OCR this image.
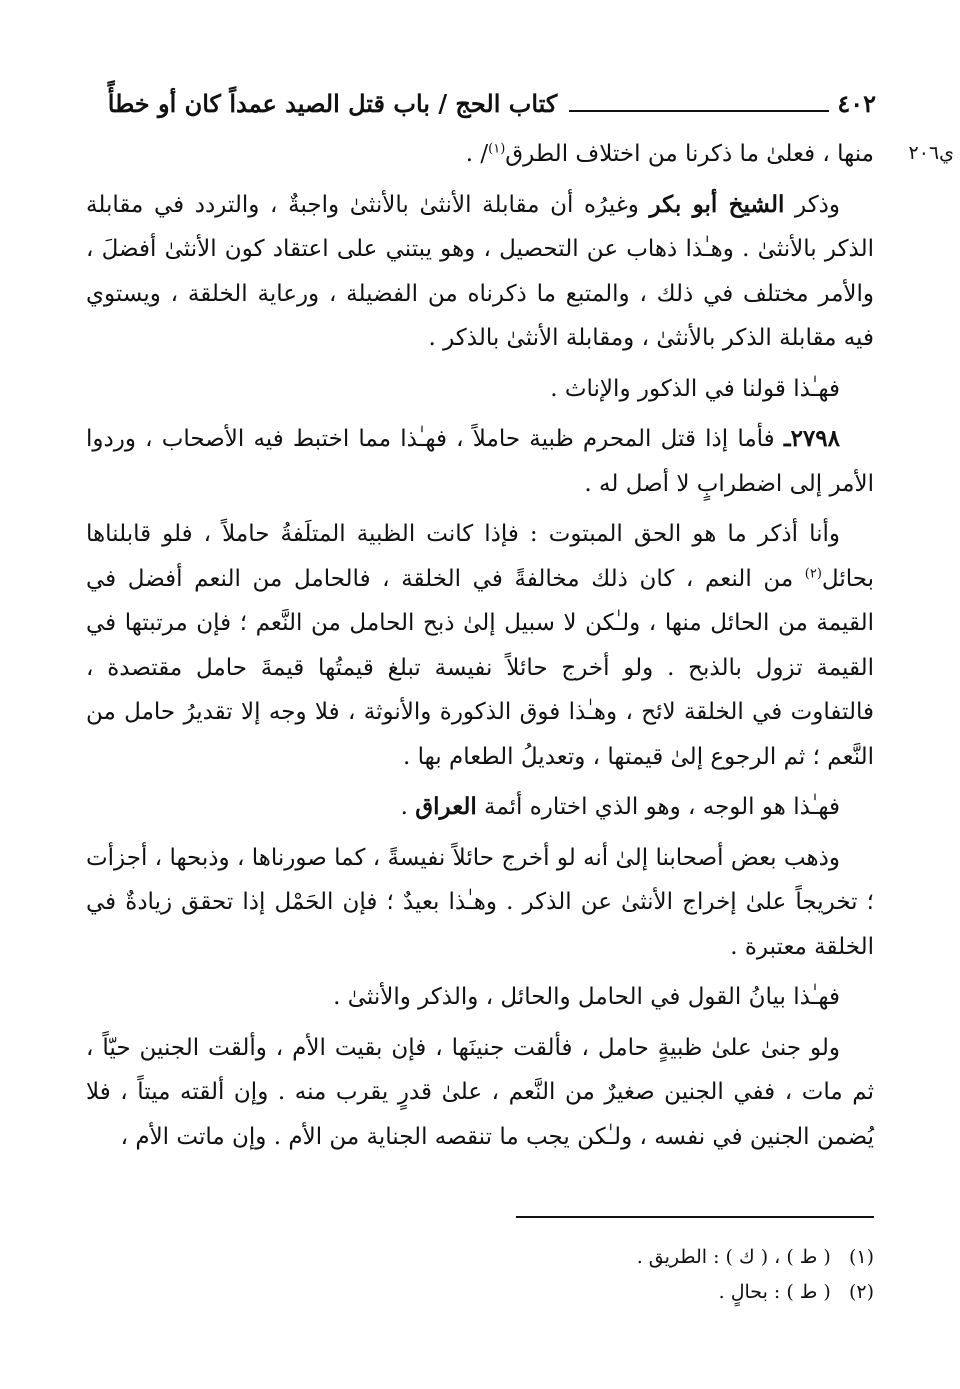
٤٠٢
كتاب الحج / باب قتل الصيد عمداً كان أو خطأً
ي٢٠٦

منها ، فعلىٰ ما ذكرنا من اختلاف الطرق$^{(١)}$/ .

وذكر الشيخ أبو بكر وغيرُه أن مقابلة الأنثىٰ بالأنثىٰ واجبةٌ ، والتردد في مقابلة الذكر بالأنثىٰ . وهـٰذا ذهاب عن التحصيل ، وهو يبتني على اعتقاد كون الأنثىٰ أفضلَ ، والأمر مختلف في ذلك ، والمتبع ما ذكرناه من الفضيلة ، ورعاية الخلقة ، ويستوي فيه مقابلة الذكر بالأنثىٰ ، ومقابلة الأنثىٰ بالذكر .

فهـٰذا قولنا في الذكور والإناث .

٢٧٩٨ـ فأما إذا قتل المحرم ظبية حاملاً ، فهـٰذا مما اختبط فيه الأصحاب ، وردوا الأمر إلى اضطرابٍ لا أصل له .

وأنا أذكر ما هو الحق المبتوت : فإذا كانت الظبية المتلَفةُ حاملاً ، فلو قابلناها بحائل$^{(٢)}$ من النعم ، كان ذلك مخالفةً في الخلقة ، فالحامل من النعم أفضل في القيمة من الحائل منها ، ولـٰكن لا سبيل إلىٰ ذبح الحامل من النَّعم ؛ فإن مرتبتها في القيمة تزول بالذبح . ولو أخرج حائلاً نفيسة تبلغ قيمتُها قيمةَ حامل مقتصدة ، فالتفاوت في الخلقة لائح ، وهـٰذا فوق الذكورة والأنوثة ، فلا وجه إلا تقديرُ حامل من النَّعم ؛ ثم الرجوع إلىٰ قيمتها ، وتعديلُ الطعام بها .

فهـٰذا هو الوجه ، وهو الذي اختاره أئمة العراق .

وذهب بعض أصحابنا إلىٰ أنه لو أخرج حائلاً نفيسةً ، كما صورناها ، وذبحها ، أجزأت ؛ تخريجاً علىٰ إخراج الأنثىٰ عن الذكر . وهـٰذا بعيدٌ ؛ فإن الحَمْل إذا تحقق زيادةٌ في الخلقة معتبرة .

فهـٰذا بيانُ القول في الحامل والحائل ، والذكر والأنثىٰ .

ولو جنىٰ علىٰ ظبيةٍ حامل ، فألقت جنينَها ، فإن بقيت الأم ، وألقت الجنين حيّاً ، ثم مات ، ففي الجنين صغيرٌ من النَّعم ، علىٰ قدرٍ يقرب منه . وإن ألقته ميتاً ، فلا يُضمن الجنين في نفسه ، ولـٰكن يجب ما تنقصه الجناية من الأم . وإن ماتت الأم ،

(١)   ( ط ) ، ( ك ) : الطريق .
(٢)   ( ط ) : بحالٍ .
